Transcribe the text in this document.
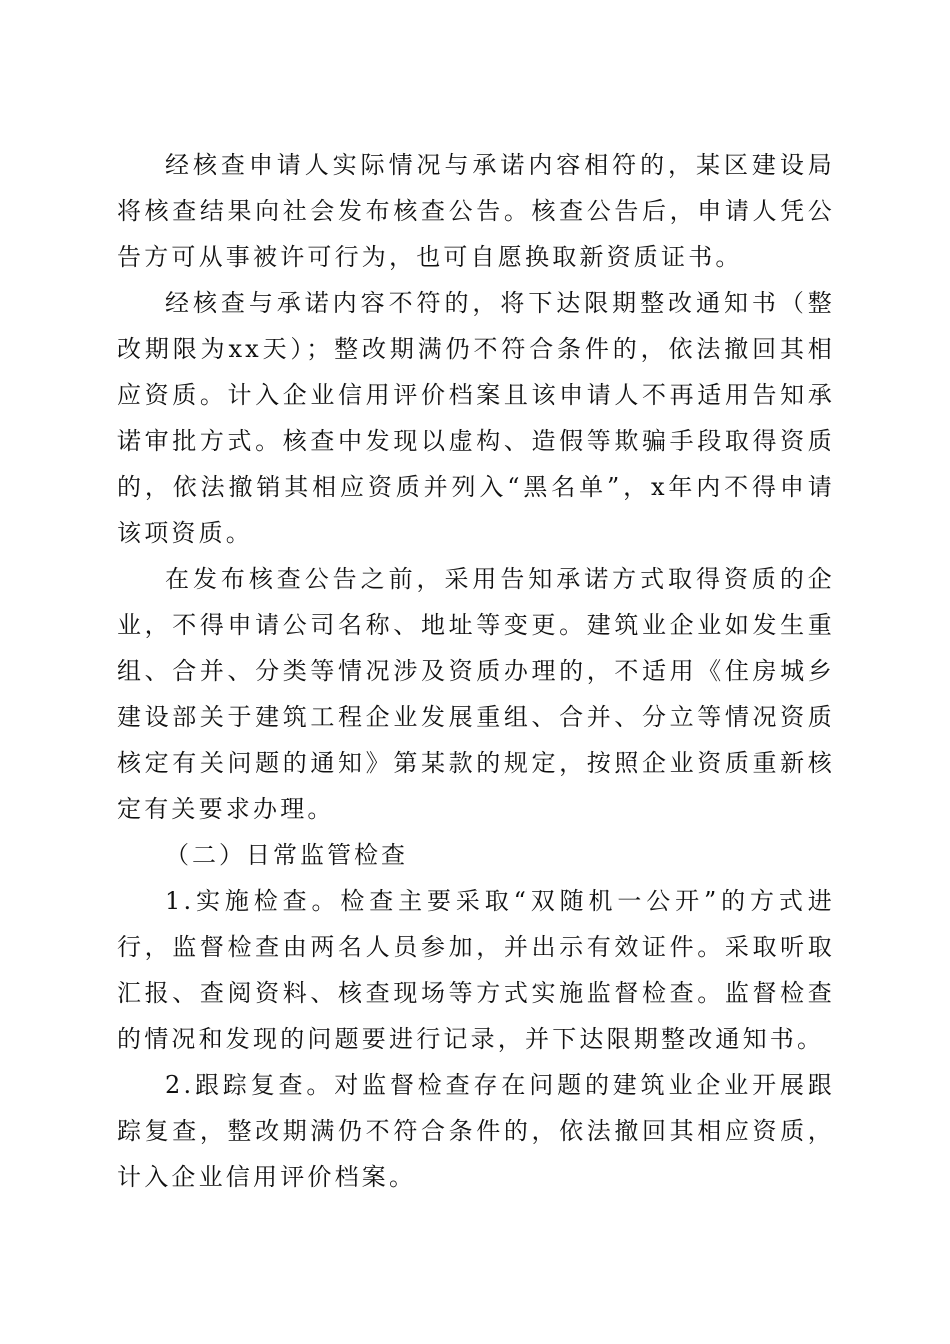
经核查申请人实际情况与承诺内容相符的，某区建设局将核查结果向社会发布核查公告。核查公告后，申请人凭公告方可从事被许可行为，也可自愿换取新资质证书。

经核查与承诺内容不符的，将下达限期整改通知书（整改期限为xx天）；整改期满仍不符合条件的，依法撤回其相应资质。计入企业信用评价档案且该申请人不再适用告知承诺审批方式。核查中发现以虚构、造假等欺骗手段取得资质的，依法撤销其相应资质并列入“黑名单”，x年内不得申请该项资质。

在发布核查公告之前，采用告知承诺方式取得资质的企业，不得申请公司名称、地址等变更。建筑业企业如发生重组、合并、分类等情况涉及资质办理的，不适用《住房城乡建设部关于建筑工程企业发展重组、合并、分立等情况资质核定有关问题的通知》第某款的规定，按照企业资质重新核定有关要求办理。

（二）日常监管检查

1.实施检查。检查主要采取“双随机一公开”的方式进行，监督检查由两名人员参加，并出示有效证件。采取听取汇报、查阅资料、核查现场等方式实施监督检查。监督检查的情况和发现的问题要进行记录，并下达限期整改通知书。

2.跟踪复查。对监督检查存在问题的建筑业企业开展跟踪复查，整改期满仍不符合条件的，依法撤回其相应资质，计入企业信用评价档案。
